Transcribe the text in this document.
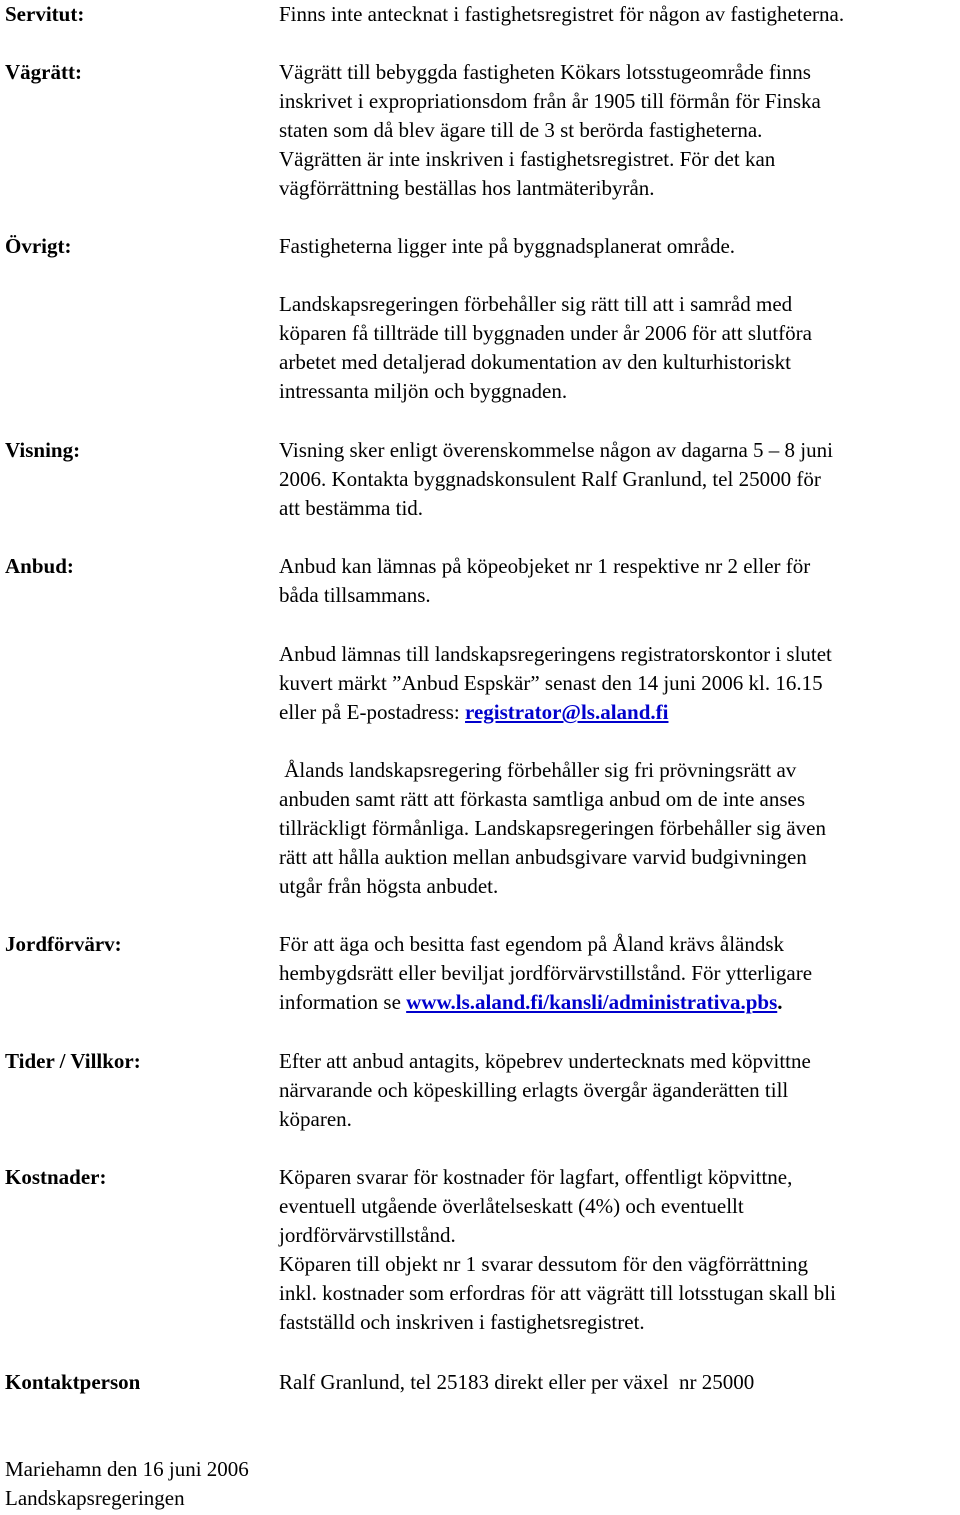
Servitut:
Vägrätt:
Övrigt:
Visning:
Anbud:
Jordförvärv:
Tider / Villkor:
Kostnader:
Kontaktperson
Finns inte antecknat i fastighetsregistret för någon av fastigheterna.
Vägrätt till bebyggda fastigheten Kökars lotsstugeområde finns
inskrivet i expropriationsdom från år 1905 till förmån för Finska
staten som då blev ägare till de 3 st berörda fastigheterna.
Vägrätten är inte inskriven i fastighetsregistret. För det kan
vägförrättning beställas hos lantmäteribyrån.
Fastigheterna ligger inte på byggnadsplanerat område.
Landskapsregeringen förbehåller sig rätt till att i samråd med
köparen få tillträde till byggnaden under år 2006 för att slutföra
arbetet med detaljerad dokumentation av den kulturhistoriskt
intressanta miljön och byggnaden.
Visning sker enligt överenskommelse någon av dagarna 5 – 8 juni
2006. Kontakta byggnadskonsulent Ralf Granlund, tel 25000 för
att bestämma tid.
Anbud kan lämnas på köpeobjeket nr 1 respektive nr 2 eller för
båda tillsammans.
Anbud lämnas till landskapsregeringens registratorskontor i slutet
kuvert märkt ”Anbud Espskär” senast den 14 juni 2006 kl. 16.15
eller på E-postadress: registrator@ls.aland.fi
Ålands landskapsregering förbehåller sig fri prövningsrätt av
anbuden samt rätt att förkasta samtliga anbud om de inte anses
tillräckligt förmånliga. Landskapsregeringen förbehåller sig även
rätt att hålla auktion mellan anbudsgivare varvid budgivningen
utgår från högsta anbudet.
För att äga och besitta fast egendom på Åland krävs åländsk
hembygdsrätt eller beviljat jordförvärvstillstånd. För ytterligare
information se www.ls.aland.fi/kansli/administrativa.pbs.
Efter att anbud antagits, köpebrev undertecknats med köpvittne
närvarande och köpeskilling erlagts övergår äganderätten till
köparen.
Köparen svarar för kostnader för lagfart, offentligt köpvittne,
eventuell utgående överlåtelseskatt (4%) och eventuellt
jordförvärvstillstånd.
Köparen till objekt nr 1 svarar dessutom för den vägförrättning
inkl. kostnader som erfordras för att vägrätt till lotsstugan skall bli
fastställd och inskriven i fastighetsregistret.
Ralf Granlund, tel 25183 direkt eller per växel  nr 25000
Mariehamn den 16 juni 2006
Landskapsregeringen
